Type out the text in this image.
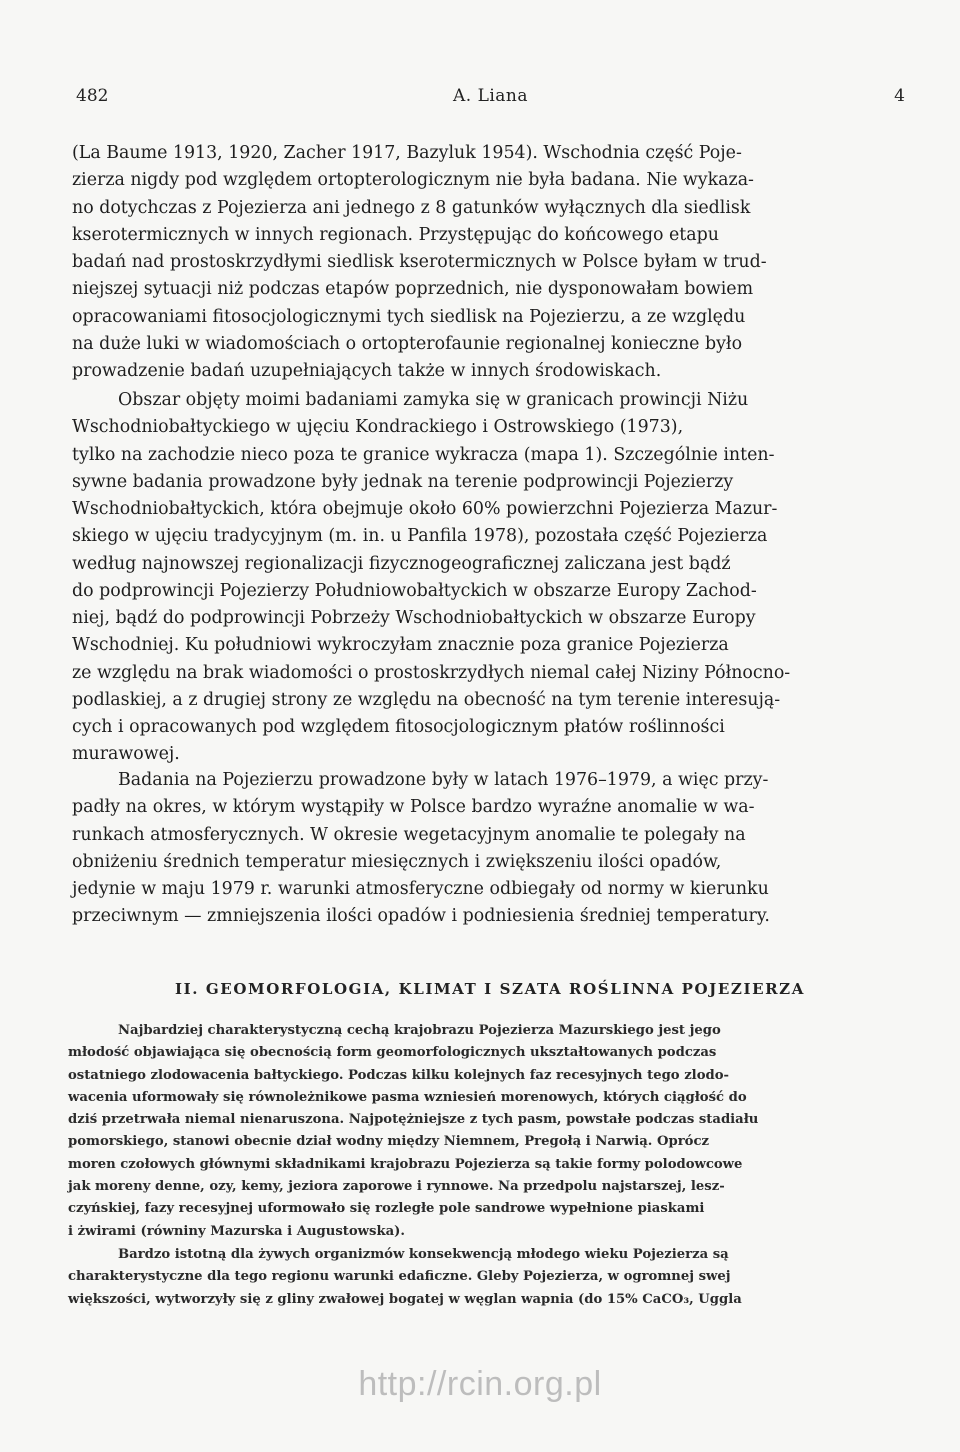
482	A. Liana	4
(La Baume 1913, 1920, Zacher 1917, Bazyluk 1954). Wschodnia część Poje-
zierza nigdy pod względem ortopterologicznym nie była badana. Nie wykaza-
no dotychczas z Pojezierza ani jednego z 8 gatunków wyłącznych dla siedlisk
kserotermicznych w innych regionach. Przystępując do końcowego etapu
badań nad prostoskrzydłymi siedlisk kserotermicznych w Polsce byłam w trud-
niejszej sytuacji niż podczas etapów poprzednich, nie dysponowałam bowiem
opracowaniami fitosocjologicznymi tych siedlisk na Pojezierzu, a ze względu
na duże luki w wiadomościach o ortopterofaunie regionalnej konieczne było
prowadzenie badań uzupełniających także w innych środowiskach.
Obszar objęty moimi badaniami zamyka się w granicach prowincji Niżu
Wschodniobałtyckiego w ujęciu Kondrackiego i Ostrowskiego (1973),
tylko na zachodzie nieco poza te granice wykracza (mapa 1). Szczególnie inten-
sywne badania prowadzone były jednak na terenie podprowincji Pojezierzy
Wschodniobałtyckich, która obejmuje około 60% powierzchni Pojezierza Mazur-
skiego w ujęciu tradycyjnym (m. in. u Panfila 1978), pozostała część Pojezierza
według najnowszej regionalizacji fizycznogeograficznej zaliczana jest bądź
do podprowincji Pojezierzy Południowobałtyckich w obszarze Europy Zachod-
niej, bądź do podprowincji Pobrzeży Wschodniobałtyckich w obszarze Europy
Wschodniej. Ku południowi wykroczyłam znacznie poza granice Pojezierza
ze względu na brak wiadomości o prostoskrzydłych niemal całej Niziny Północno-
podlaskiej, a z drugiej strony ze względu na obecność na tym terenie interesują-
cych i opracowanych pod względem fitosocjologicznym płatów roślinności
murawowej.
Badania na Pojezierzu prowadzone były w latach 1976–1979, a więc przy-
padły na okres, w którym wystąpiły w Polsce bardzo wyraźne anomalie w wa-
runkach atmosferycznych. W okresie wegetacyjnym anomalie te polegały na
obniżeniu średnich temperatur miesięcznych i zwiększeniu ilości opadów,
jedynie w maju 1979 r. warunki atmosferyczne odbiegały od normy w kierunku
przeciwnym — zmniejszenia ilości opadów i podniesienia średniej temperatury.
II. GEOMORFOLOGIA, KLIMAT I SZATA ROŚLINNA POJEZIERZA
Najbardziej charakterystyczną cechą krajobrazu Pojezierza Mazurskiego jest jego
młodość objawiająca się obecnością form geomorfologicznych ukształtowanych podczas
ostatniego zlodowacenia bałtyckiego. Podczas kilku kolejnych faz recesyjnych tego zlodo-
wacenia uformowały się równoleżnikowe pasma wzniesień morenowych, których ciągłość do
dziś przetrwała niemal nienaruszona. Najpotężniejsze z tych pasm, powstałe podczas stadiału
pomorskiego, stanowi obecnie dział wodny między Niemnem, Pregołą i Narwią. Oprócz
moren czołowych głównymi składnikami krajobrazu Pojezierza są takie formy polodowcowe
jak moreny denne, ozy, kemy, jeziora zaporowe i rynnowe. Na przedpolu najstarszej, lesz-
czyńskiej, fazy recesyjnej uformowało się rozległe pole sandrowe wypełnione piaskami
i żwirami (równiny Mazurska i Augustowska).
Bardzo istotną dla żywych organizmów konsekwencją młodego wieku Pojezierza są
charakterystyczne dla tego regionu warunki edaficzne. Gleby Pojezierza, w ogromnej swej
większości, wytworzyły się z gliny zwałowej bogatej w węglan wapnia (do 15% CaCO₃, Uggla
http://rcin.org.pl
